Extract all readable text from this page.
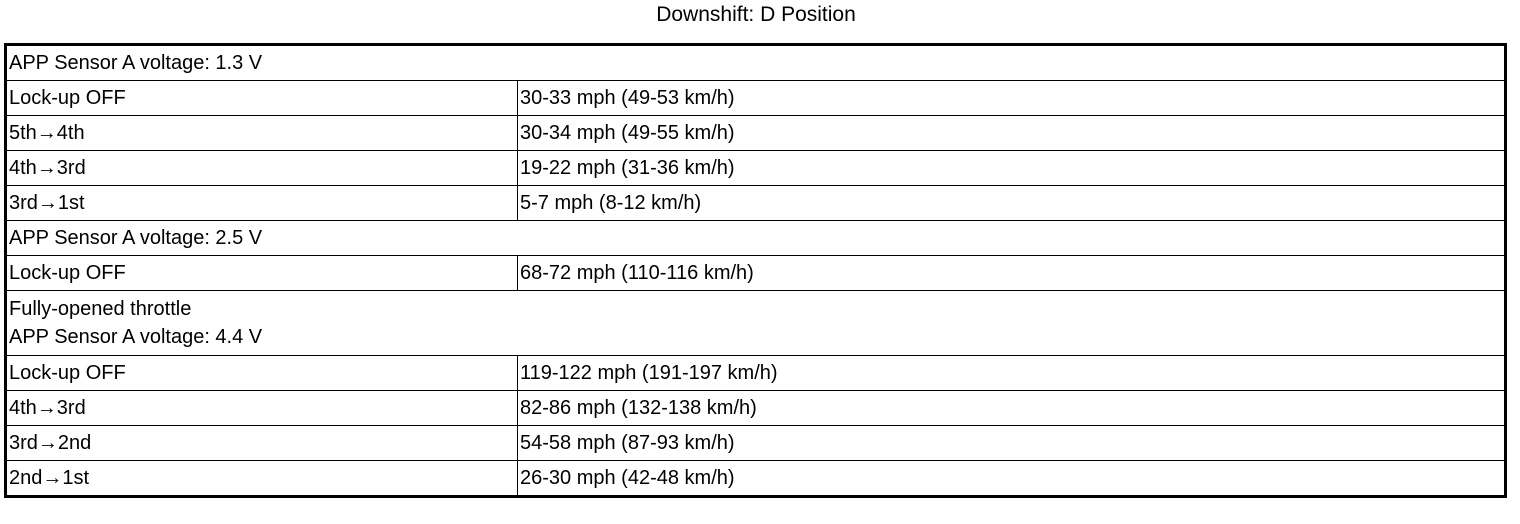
Downshift: D Position
APP Sensor A voltage: 1.3 V	
Lock-up OFF	30-33 mph (49-53 km/h)
5th→4th	30-34 mph (49-55 km/h)
4th→3rd	19-22 mph (31-36 km/h)
3rd→1st	5-7 mph (8-12 km/h)
APP Sensor A voltage: 2.5 V	
Lock-up OFF	68-72 mph (110-116 km/h)

Fully-opened throttle
APP Sensor A voltage: 4.4 V	

Lock-up OFF	119-122 mph (191-197 km/h)
4th→3rd	82-86 mph (132-138 km/h)
3rd→2nd	54-58 mph (87-93 km/h)
2nd→1st	26-30 mph (42-48 km/h)
